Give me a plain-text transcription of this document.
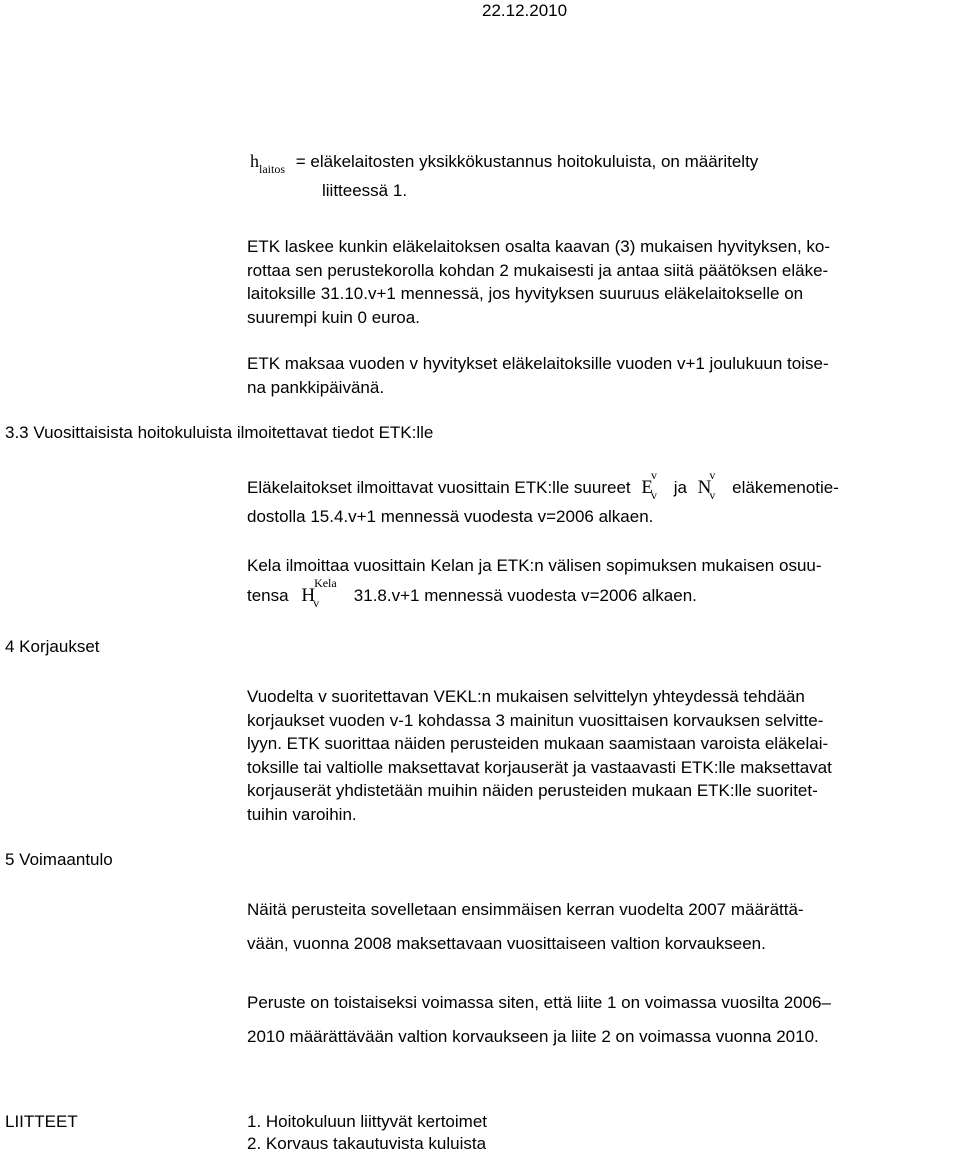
22.12.2010
$h_{laitos}$ = eläkelaitosten yksikkökustannus hoitokuluista, on määritelty
liitteessä 1.
ETK laskee kunkin eläkelaitoksen osalta kaavan (3) mukaisen hyvityksen, ko-
rottaa sen perustekorolla kohdan 2 mukaisesti ja antaa siitä päätöksen eläke-
laitoksille 31.10.v+1 mennessä, jos hyvityksen suuruus eläkelaitokselle on
suurempi kuin 0 euroa.
ETK maksaa vuoden v hyvitykset eläkelaitoksille vuoden v+1 joulukuun toise-
na pankkipäivänä.
3.3 Vuosittaisista hoitokuluista ilmoitettavat tiedot ETK:lle
Eläkelaitokset ilmoittavat vuosittain ETK:lle suureet E
v
v ja N
v
v eläkemenotie-
dostolla 15.4.v+1 mennessä vuodesta v=2006 alkaen.
Kela ilmoittaa vuosittain Kelan ja ETK:n välisen sopimuksen mukaisen osuu-
tensa H
Kela
v 31.8.v+1 mennessä vuodesta v=2006 alkaen.
4 Korjaukset
Vuodelta v suoritettavan VEKL:n mukaisen selvittelyn yhteydessä tehdään
korjaukset vuoden v-1 kohdassa 3 mainitun vuosittaisen korvauksen selvitte-
lyyn. ETK suorittaa näiden perusteiden mukaan saamistaan varoista eläkelai-
toksille tai valtiolle maksettavat korjauserät ja vastaavasti ETK:lle maksettavat
korjauserät yhdistetään muihin näiden perusteiden mukaan ETK:lle suoritet-
tuihin varoihin.
5 Voimaantulo
Näitä perusteita sovelletaan ensimmäisen kerran vuodelta 2007 määrättä-
vään, vuonna 2008 maksettavaan vuosittaiseen valtion korvaukseen.
Peruste on toistaiseksi voimassa siten, että liite 1 on voimassa vuosilta 2006–
2010 määrättävään valtion korvaukseen ja liite 2 on voimassa vuonna 2010.
LIITTEET	1. Hoitokuluun liittyvät kertoimet
2. Korvaus takautuvista kuluista
